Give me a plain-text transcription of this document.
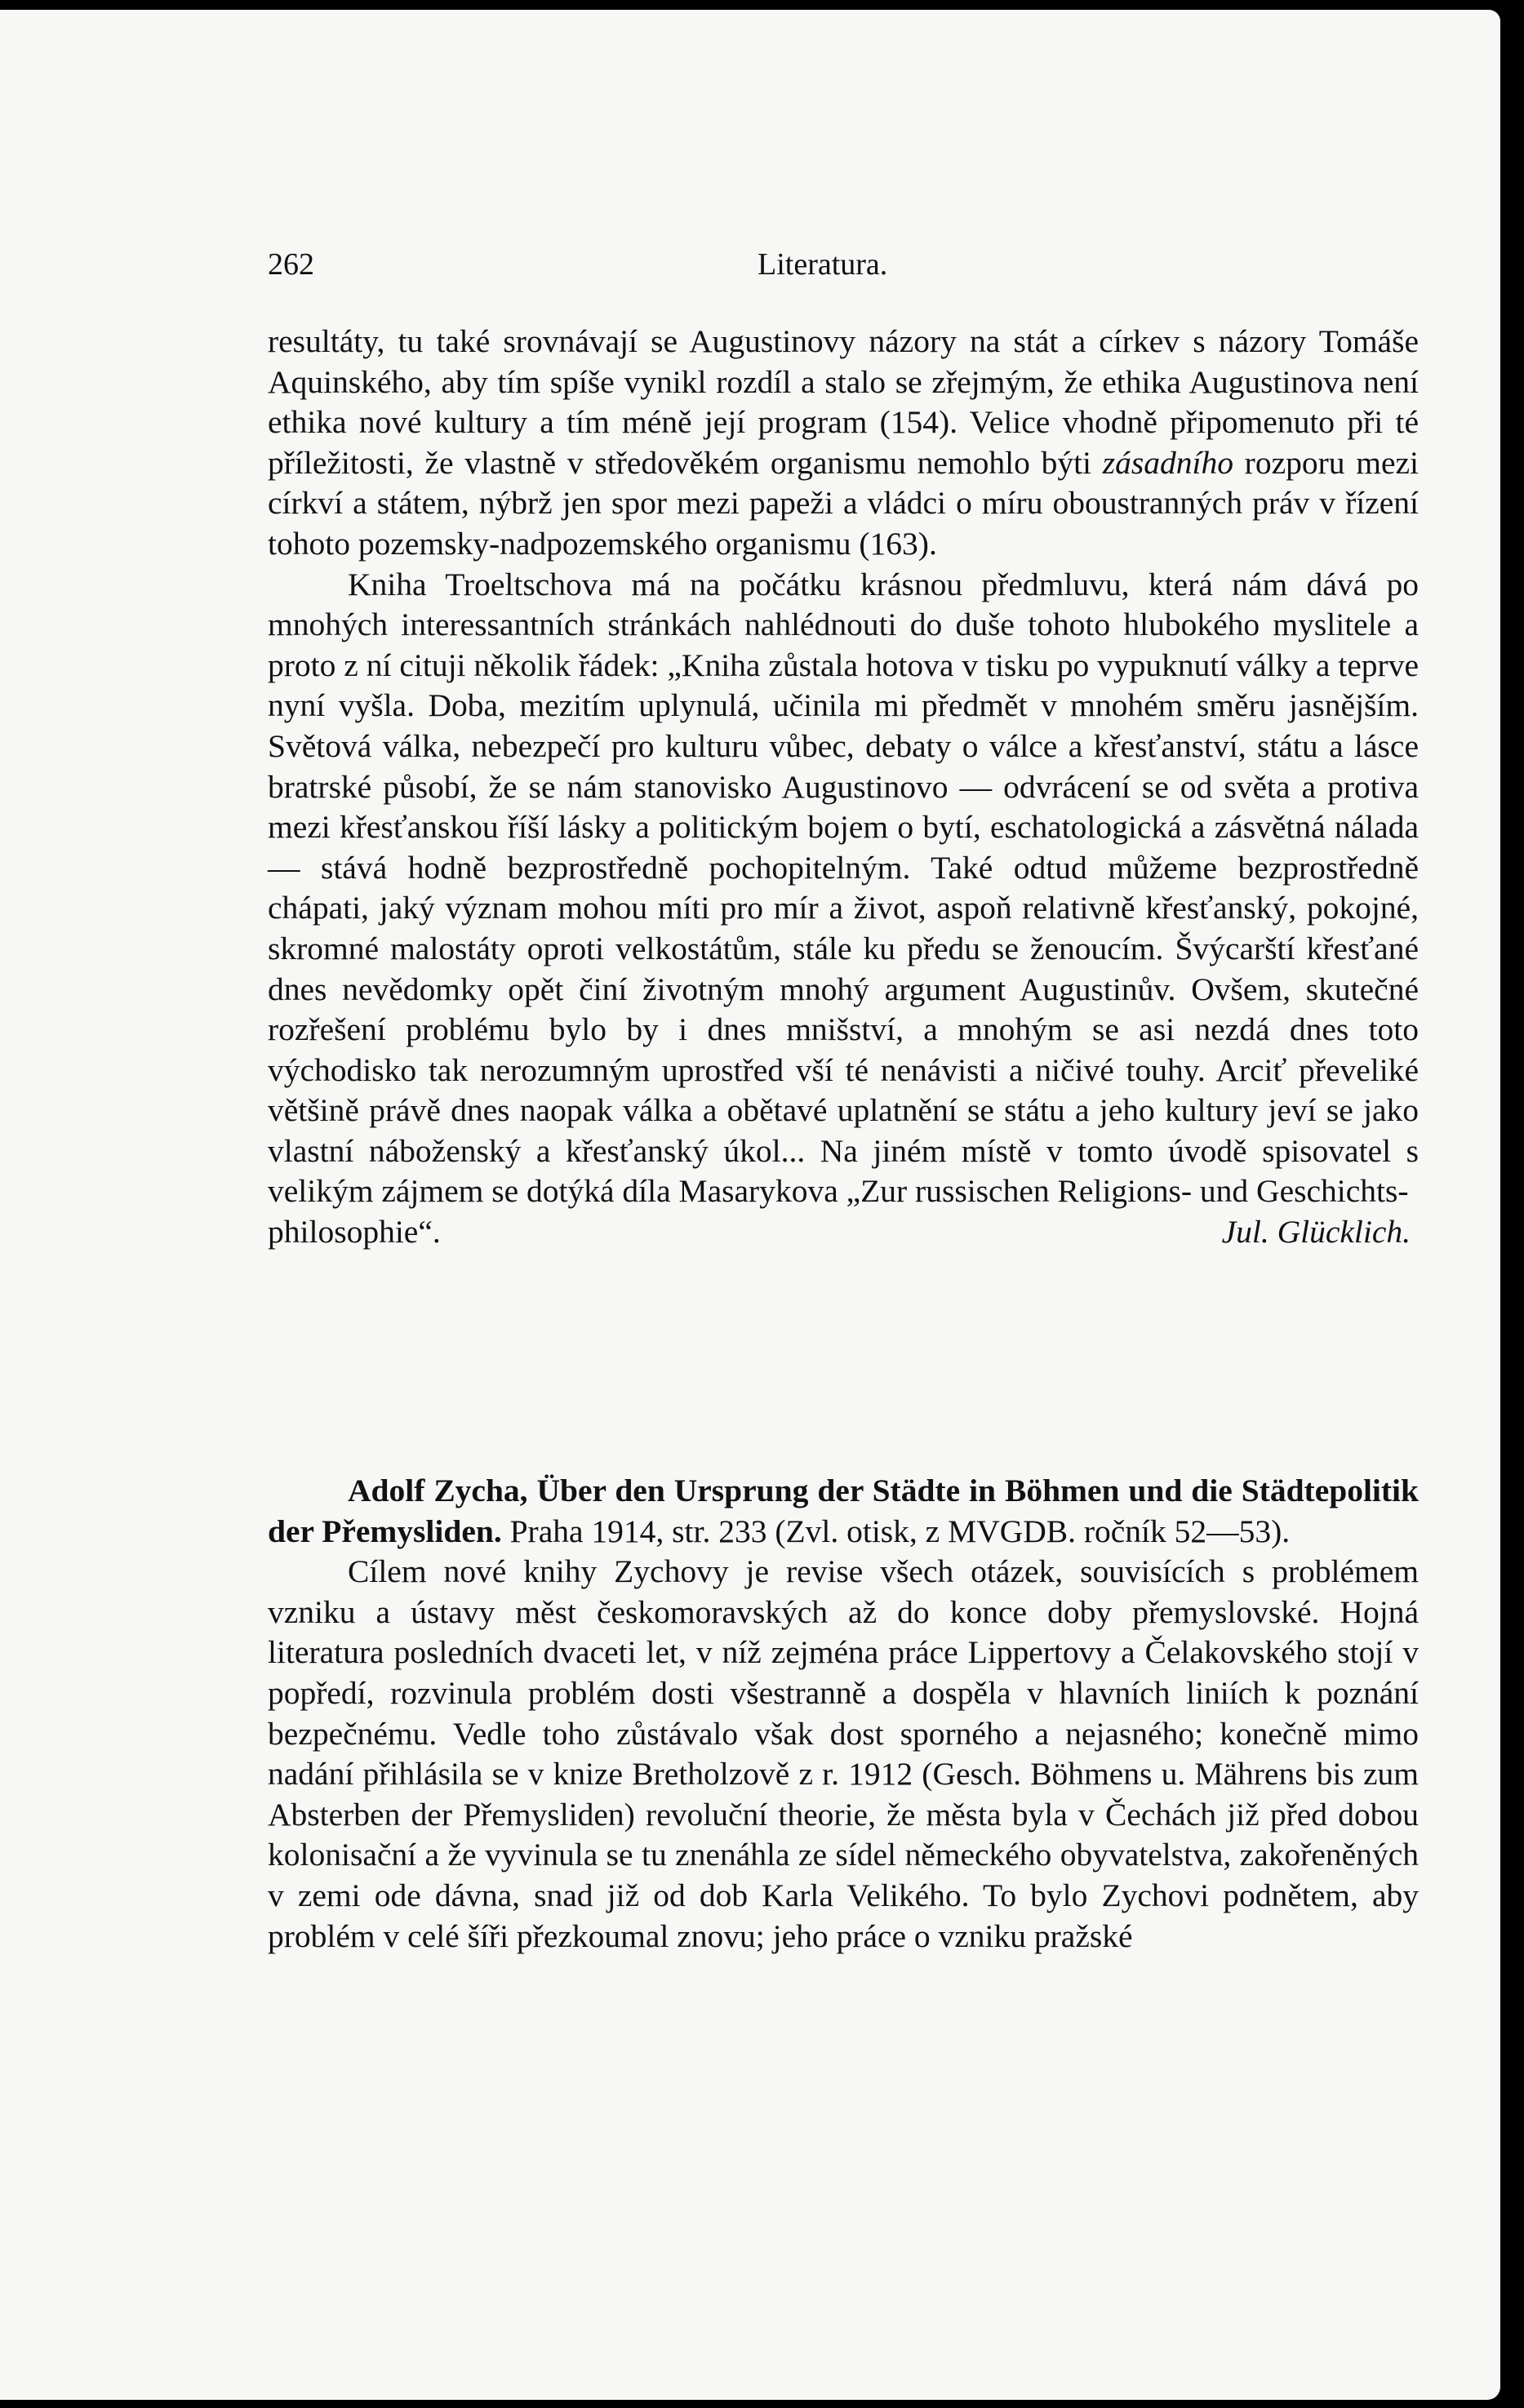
262	Literatura.

resultáty, tu také srovnávají se Augustinovy názory na stát a církev s názory Tomáše Aquinského, aby tím spíše vynikl rozdíl a stalo se zřejmým, že ethika Augustinova není ethika nové kultury a tím méně její program (154). Velice vhodně připomenuto při té příležitosti, že vlastně v středověkém organismu nemohlo býti zásadního rozporu mezi církví a státem, nýbrž jen spor mezi papeži a vládci o míru oboustranných práv v řízení tohoto pozemsky-nadpozemského organismu (163).

Kniha Troeltschova má na počátku krásnou předmluvu, která nám dává po mnohých interessantních stránkách nahlédnouti do duše tohoto hlubokého myslitele a proto z ní cituji několik řádek: „Kniha zůstala hotova v tisku po vypuknutí války a teprve nyní vyšla. Doba, mezitím uplynulá, učinila mi předmět v mnohém směru jasnějším. Světová válka, nebezpečí pro kulturu vůbec, debaty o válce a křesťanství, státu a lásce bratrské působí, že se nám stanovisko Augustinovo — odvrácení se od světa a protiva mezi křesťanskou říší lásky a politickým bojem o bytí, eschatologická a zásvětná nálada — stává hodně bezprostředně pochopitelným. Také odtud můžeme bezprostředně chápati, jaký význam mohou míti pro mír a život, aspoň relativně křesťanský, pokojné, skromné malostáty oproti velkostátům, stále ku předu se ženoucím. Švýcarští křesťané dnes nevědomky opět činí životným mnohý argument Augustinův. Ovšem, skutečné rozřešení problému bylo by i dnes mnišství, a mnohým se asi nezdá dnes toto východisko tak nerozumným uprostřed vší té nenávisti a ničivé touhy. Arciť převeliké většině právě dnes naopak válka a obětavé uplatnění se státu a jeho kultury jeví se jako vlastní náboženský a křesťanský úkol... Na jiném místě v tomto úvodě spisovatel s velikým zájmem se dotýká díla Masarykova „Zur russischen Religions- und Geschichts-

philosophie“.	Jul. Glücklich.

Adolf Zycha, Über den Ursprung der Städte in Böhmen und die Städtepolitik der Přemysliden. Praha 1914, str. 233 (Zvl. otisk, z MVGDB. ročník 52—53).

Cílem nové knihy Zychovy je revise všech otázek, souvisících s problémem vzniku a ústavy měst českomoravských až do konce doby přemyslovské. Hojná literatura posledních dvaceti let, v níž zejména práce Lippertovy a Čelakovského stojí v popředí, rozvinula problém dosti všestranně a dospěla v hlavních liniích k poznání bezpečnému. Vedle toho zůstávalo však dost sporného a nejasného; konečně mimo nadání přihlásila se v knize Bretholzově z r. 1912 (Gesch. Böhmens u. Mährens bis zum Absterben der Přemysliden) revoluční theorie, že města byla v Čechách již před dobou kolonisační a že vyvinula se tu znenáhla ze sídel německého obyvatelstva, zakořeněných v zemi ode dávna, snad již od dob Karla Velikého. To bylo Zychovi podnětem, aby problém v celé šíři přezkoumal znovu; jeho práce o vzniku pražské
